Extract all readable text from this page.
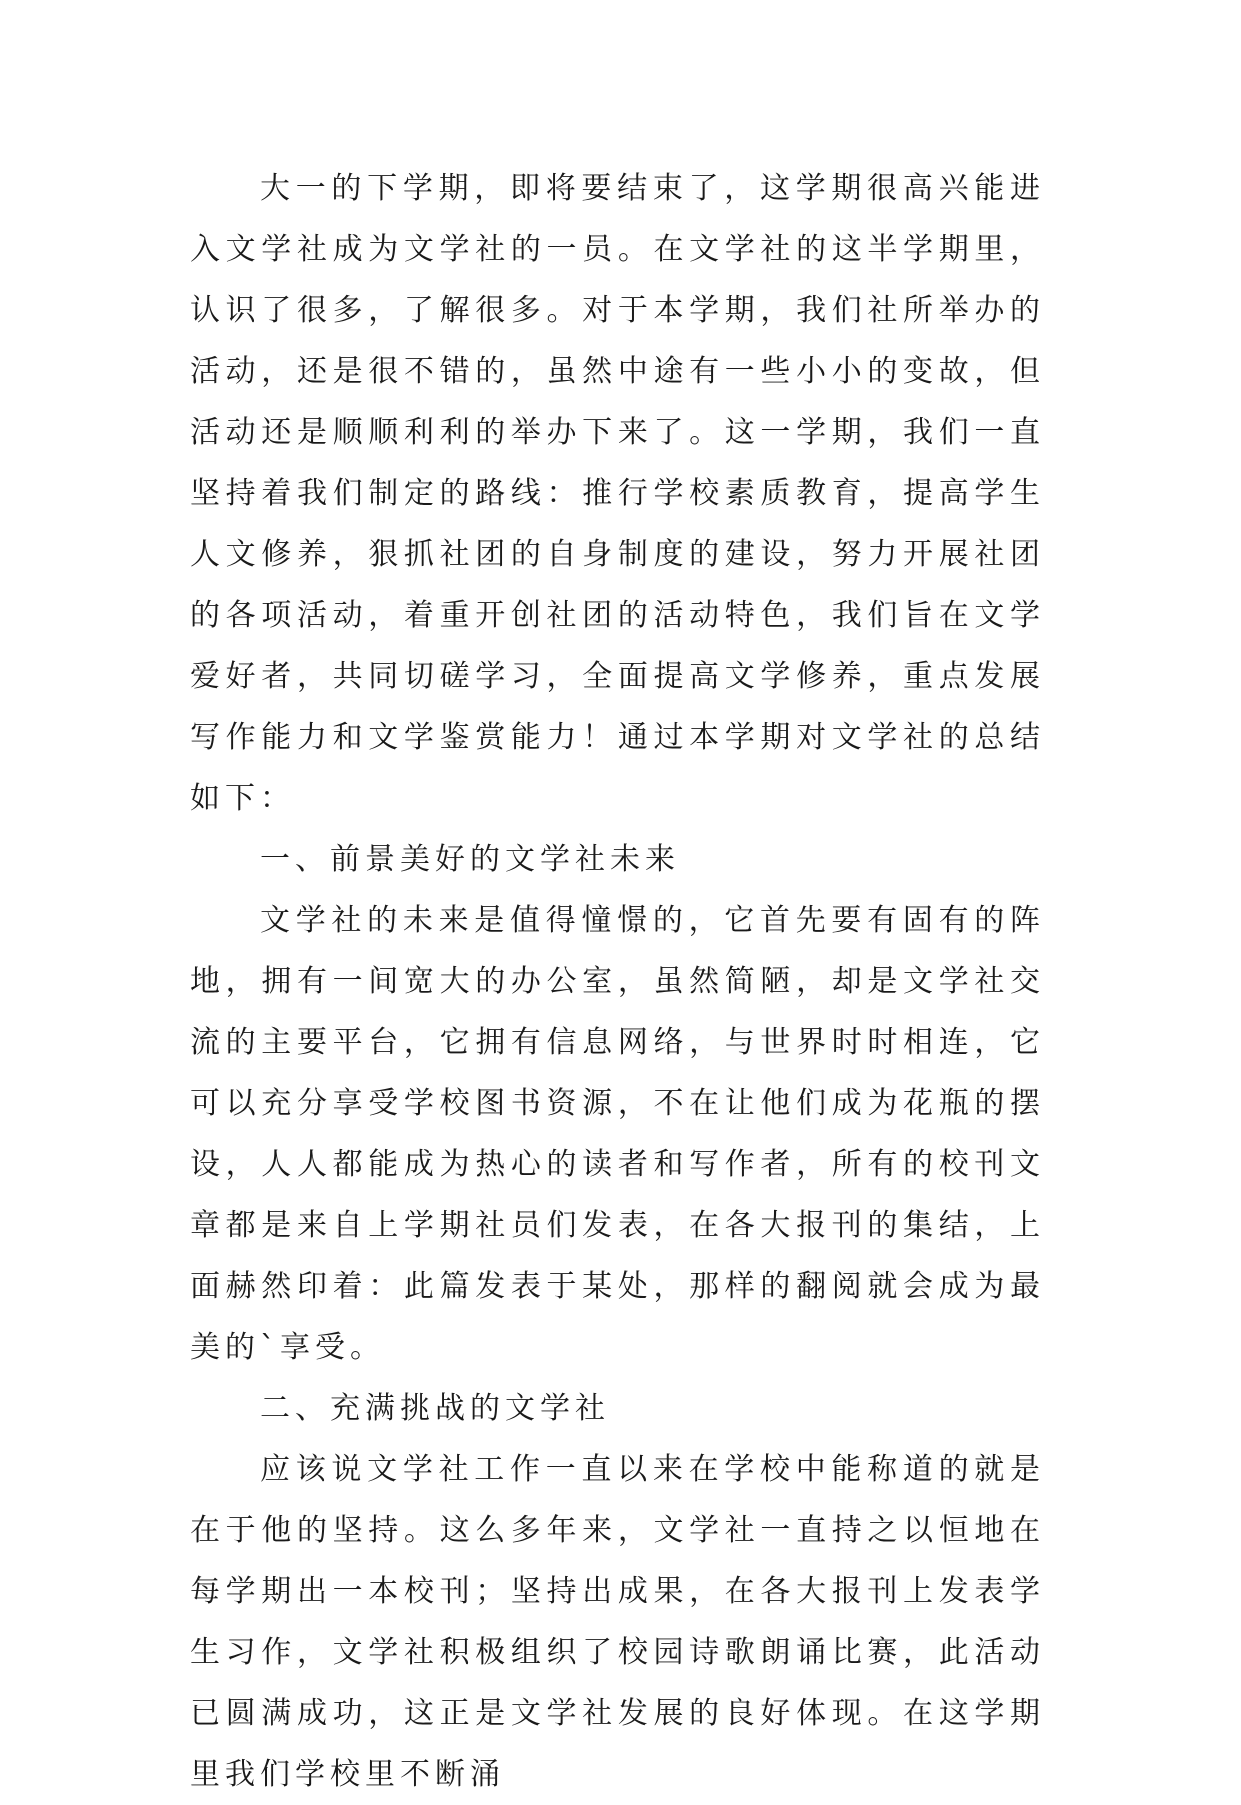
大一的下学期，即将要结束了，这学期很高兴能进入文学社成为文学社的一员。在文学社的这半学期里，认识了很多，了解很多。对于本学期，我们社所举办的活动，还是很不错的，虽然中途有一些小小的变故，但活动还是顺顺利利的举办下来了。这一学期，我们一直坚持着我们制定的路线：推行学校素质教育，提高学生人文修养，狠抓社团的自身制度的建设，努力开展社团的各项活动，着重开创社团的活动特色，我们旨在文学爱好者，共同切磋学习，全面提高文学修养，重点发展写作能力和文学鉴赏能力！通过本学期对文学社的总结如下：

一、前景美好的文学社未来

文学社的未来是值得憧憬的，它首先要有固有的阵地，拥有一间宽大的办公室，虽然简陋，却是文学社交流的主要平台，它拥有信息网络，与世界时时相连，它可以充分享受学校图书资源，不在让他们成为花瓶的摆设，人人都能成为热心的读者和写作者，所有的校刊文章都是来自上学期社员们发表，在各大报刊的集结，上面赫然印着：此篇发表于某处，那样的翻阅就会成为最美的`享受。

二、充满挑战的文学社

应该说文学社工作一直以来在学校中能称道的就是在于他的坚持。这么多年来，文学社一直持之以恒地在每学期出一本校刊；坚持出成果，在各大报刊上发表学生习作，文学社积极组织了校园诗歌朗诵比赛，此活动已圆满成功，这正是文学社发展的良好体现。在这学期里我们学校里不断涌
